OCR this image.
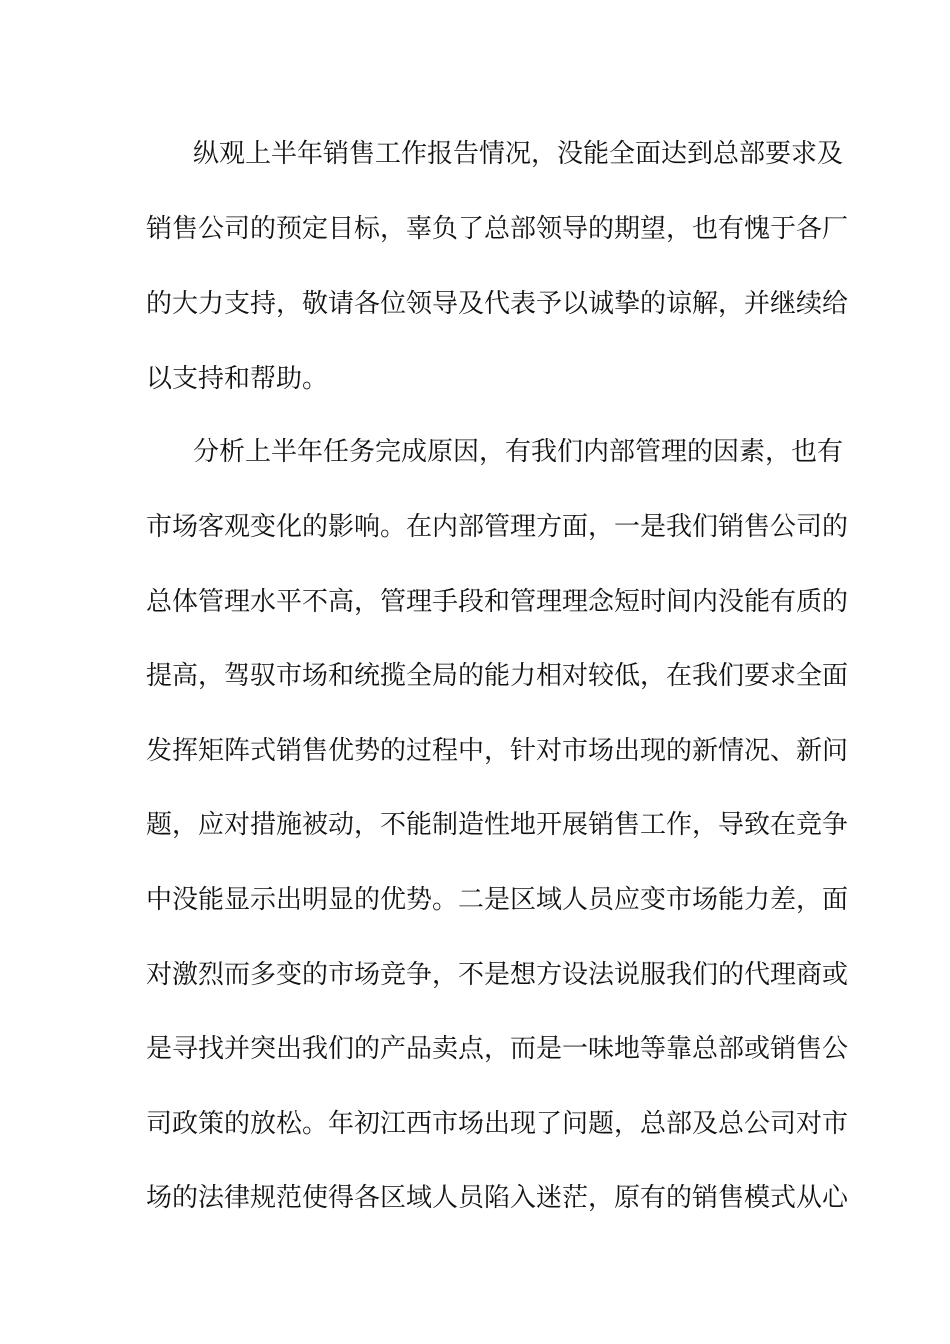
纵观上半年销售工作报告情况，没能全面达到总部要求及
销售公司的预定目标，辜负了总部领导的期望，也有愧于各厂
的大力支持，敬请各位领导及代表予以诚挚的谅解，并继续给
以支持和帮助。
分析上半年任务完成原因，有我们内部管理的因素，也有
市场客观变化的影响。在内部管理方面，一是我们销售公司的
总体管理水平不高，管理手段和管理理念短时间内没能有质的
提高，驾驭市场和统揽全局的能力相对较低，在我们要求全面
发挥矩阵式销售优势的过程中，针对市场出现的新情况、新问
题，应对措施被动，不能制造性地开展销售工作，导致在竞争
中没能显示出明显的优势。二是区域人员应变市场能力差，面
对激烈而多变的市场竞争，不是想方设法说服我们的代理商或
是寻找并突出我们的产品卖点，而是一味地等靠总部或销售公
司政策的放松。年初江西市场出现了问题，总部及总公司对市
场的法律规范使得各区域人员陷入迷茫，原有的销售模式从心
